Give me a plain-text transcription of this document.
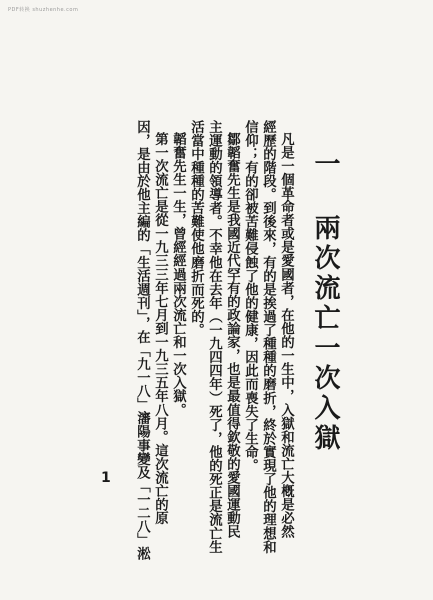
PDF转换 shuzhenhe.com
一 兩次流亡一次入獄
凡是一個革命者或是愛國者，在他的一生中，入獄和流亡大槪是必然
經歷的階段。到後來，有的是挨過了種種的磨折，終於實現了他的理想和
信仰；有的卻被苦難侵蝕了他的健康，因此而喪失了生命。
鄒韜奮先生是我國近代罕有的政論家，也是最值得欽敬的愛國運動民
主運動的領導者。不幸他在去年（一九四四年）死了，他的死正是流亡生
活當中種種的苦難使他磨折而死的。
韜奮先生一生，曾經經過兩次流亡和一次入獄。
第一次流亡是從一九三三年七月到一九三五年八月。這次流亡的原
因，是由於他主編的「生活週刊」，在「九一八」瀋陽事變及「一二八」淞
1
